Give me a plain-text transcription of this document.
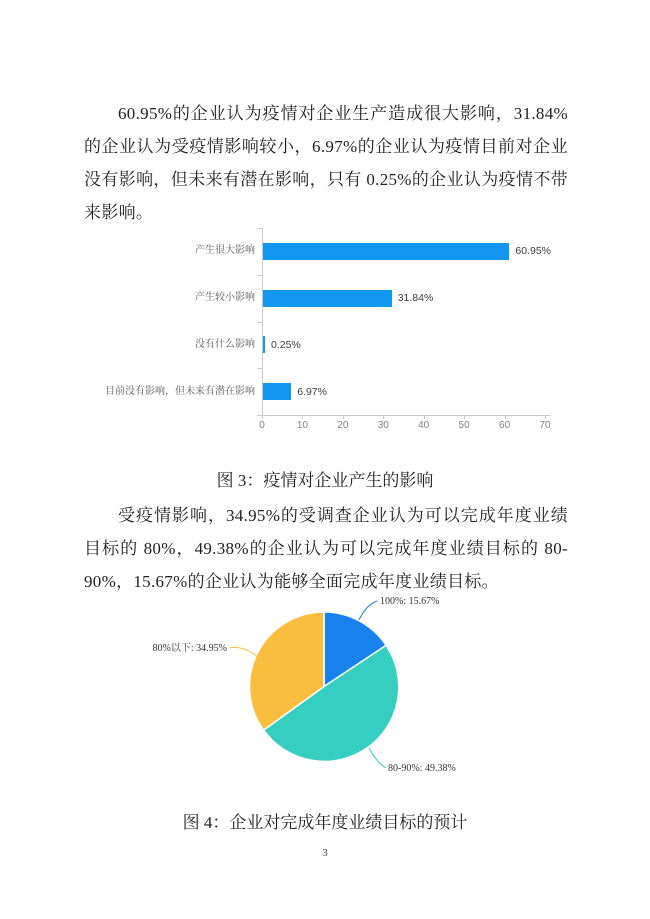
60.95%的企业认为疫情对企业生产造成很大影响，31.84%的企业认为受疫情影响较小，6.97%的企业认为疫情目前对企业没有影响，但未来有潜在影响，只有 0.25%的企业认为疫情不带来影响。

0	10	20	30	40	50	60	70
产生很大影响	60.95%
产生较小影响	31.84%
没有什么影响 0.25%
目前没有影响，但未来有潜在影响	6.97%

图 3：疫情对企业产生的影响

受疫情影响，34.95%的受调查企业认为可以完成年度业绩目标的 80%，49.38%的企业认为可以完成年度业绩目标的 80-90%，15.67%的企业认为能够全面完成年度业绩目标。

100%: 15.67%
80-90%: 49.38%
80%以下: 34.95%

图 4：企业对完成年度业绩目标的预计

3
